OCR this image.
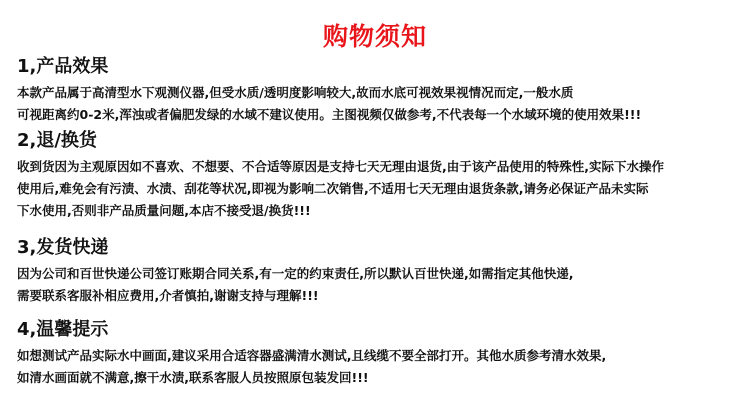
购物须知
1,产品效果
本款产品属于高清型水下观测仪器,但受水质/透明度影响较大,故而水底可视效果视情况而定,一般水质
可视距离约0-2米,浑浊或者偏肥发绿的水域不建议使用。主图视频仅做参考,不代表每一个水域环境的使用效果!!!
2,退/换货
收到货因为主观原因如不喜欢、不想要、不合适等原因是支持七天无理由退货,由于该产品使用的特殊性,实际下水操作
使用后,难免会有污渍、水渍、刮花等状况,即视为影响二次销售,不适用七天无理由退货条款,请务必保证产品未实际
下水使用,否则非产品质量问题,本店不接受退/换货!!!
3,发货快递
因为公司和百世快递公司签订账期合同关系,有一定的约束责任,所以默认百世快递,如需指定其他快递,
需要联系客服补相应费用,介者慎拍,谢谢支持与理解!!!
4,温馨提示
如想测试产品实际水中画面,建议采用合适容器盛满清水测试,且线缆不要全部打开。其他水质参考清水效果,
如清水画面就不满意,擦干水渍,联系客服人员按照原包装发回!!!
